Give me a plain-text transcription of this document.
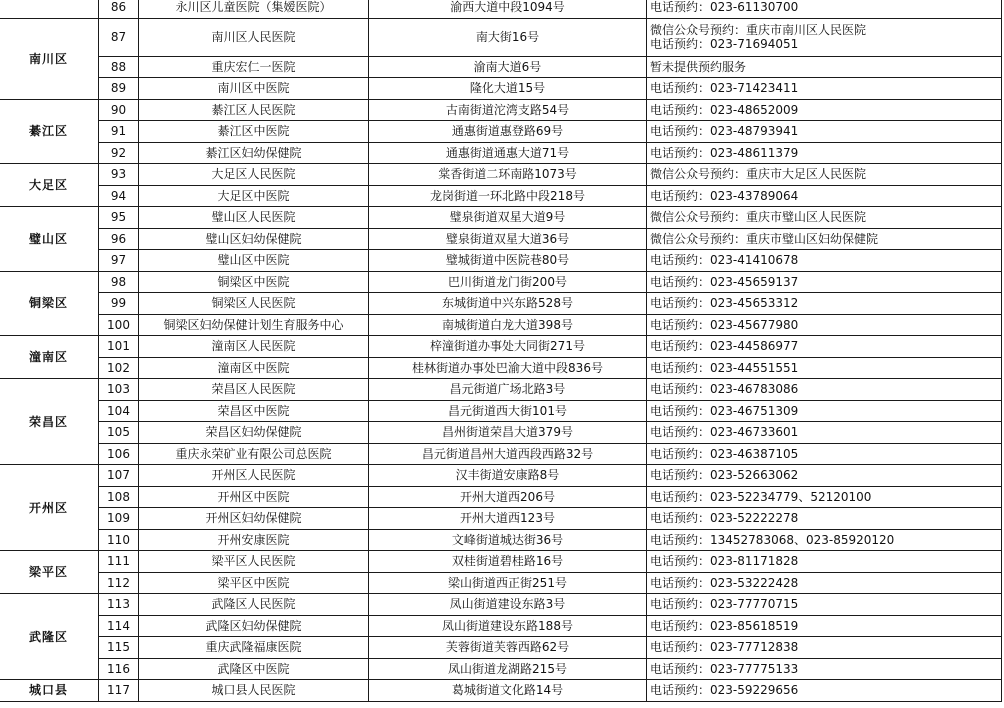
	86	永川区儿童医院（集嫒医院）	渝西大道中段1094号	电话预约：023-61130700

南川区	87	南川区人民医院	南大街16号	微信公众号预约：重庆市南川区人民医院
电话预约：023-71694051

	88	重庆宏仁一医院	渝南大道6号	暂未提供预约服务

	89	南川区中医院	隆化大道15号	电话预约：023-71423411

綦江区	90	綦江区人民医院	古南街道沱湾支路54号	电话预约：023-48652009

	91	綦江区中医院	通惠街道惠登路69号	电话预约：023-48793941

	92	綦江区妇幼保健院	通惠街道通惠大道71号	电话预约：023-48611379

大足区	93	大足区人民医院	棠香街道二环南路1073号	微信公众号预约：重庆市大足区人民医院

	94	大足区中医院	龙岗街道一环北路中段218号	电话预约：023-43789064

璧山区	95	璧山区人民医院	璧泉街道双星大道9号	微信公众号预约：重庆市璧山区人民医院

	96	璧山区妇幼保健院	璧泉街道双星大道36号	微信公众号预约：重庆市璧山区妇幼保健院

	97	璧山区中医院	璧城街道中医院巷80号	电话预约：023-41410678

铜梁区	98	铜梁区中医院	巴川街道龙门街200号	电话预约：023-45659137

	99	铜梁区人民医院	东城街道中兴东路528号	电话预约：023-45653312

	100	铜梁区妇幼保健计划生育服务中心	南城街道白龙大道398号	电话预约：023-45677980

潼南区	101	潼南区人民医院	梓潼街道办事处大同街271号	电话预约：023-44586977

	102	潼南区中医院	桂林街道办事处巴渝大道中段836号	电话预约：023-44551551

荣昌区	103	荣昌区人民医院	昌元街道广场北路3号	电话预约：023-46783086

	104	荣昌区中医院	昌元街道西大街101号	电话预约：023-46751309

	105	荣昌区妇幼保健院	昌州街道荣昌大道379号	电话预约：023-46733601

	106	重庆永荣矿业有限公司总医院	昌元街道昌州大道西段西路32号	电话预约：023-46387105

开州区	107	开州区人民医院	汉丰街道安康路8号	电话预约：023-52663062

	108	开州区中医院	开州大道西206号	电话预约：023-52234779、52120100

	109	开州区妇幼保健院	开州大道西123号	电话预约：023-52222278

	110	开州安康医院	文峰街道城达街36号	电话预约：13452783068、023-85920120

梁平区	111	梁平区人民医院	双桂街道碧桂路16号	电话预约：023-81171828

	112	梁平区中医院	梁山街道西正街251号	电话预约：023-53222428

武隆区	113	武隆区人民医院	凤山街道建设东路3号	电话预约：023-77770715

	114	武隆区妇幼保健院	凤山街道建设东路188号	电话预约：023-85618519

	115	重庆武隆福康医院	芙蓉街道芙蓉西路62号	电话预约：023-77712838

	116	武隆区中医院	凤山街道龙湖路215号	电话预约：023-77775133

城口县	117	城口县人民医院	葛城街道文化路14号	电话预约：023-59229656
